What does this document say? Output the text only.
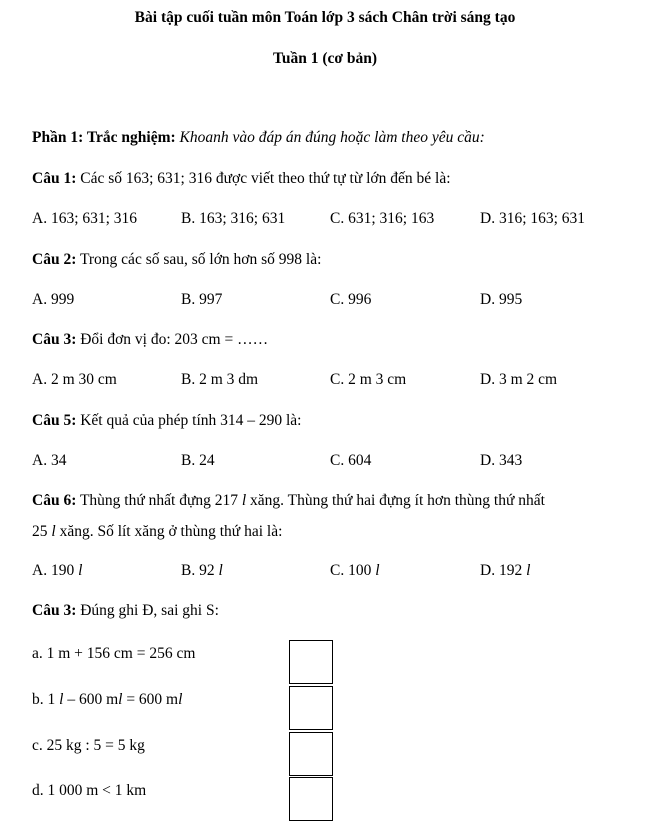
Bài tập cuối tuần môn Toán lớp 3 sách Chân trời sáng tạo
Tuần 1 (cơ bản)
Phần 1: Trắc nghiệm: Khoanh vào đáp án đúng hoặc làm theo yêu cầu:
Câu 1: Các số 163; 631; 316 được viết theo thứ tự từ lớn đến bé là:
A. 163; 631; 316	B. 163; 316; 631	C. 631; 316; 163	D. 316; 163; 631
Câu 2: Trong các số sau, số lớn hơn số 998 là:
A. 999	B. 997	C. 996	D. 995
Câu 3: Đổi đơn vị đo: 203 cm = ……
A. 2 m 30 cm	B. 2 m 3 dm	C. 2 m 3 cm	D. 3 m 2 cm
Câu 5: Kết quả của phép tính 314 – 290 là:
A. 34	B. 24	C. 604	D. 343
Câu 6: Thùng thứ nhất đựng 217 l xăng. Thùng thứ hai đựng ít hơn thùng thứ nhất
25 l xăng. Số lít xăng ở thùng thứ hai là:
A. 190 l	B. 92 l	C. 100 l	D. 192 l
Câu 3: Đúng ghi Đ, sai ghi S:
a. 1 m + 156 cm = 256 cm
b. 1 l – 600 ml = 600 ml
c. 25 kg : 5 = 5 kg
d. 1 000 m < 1 km
